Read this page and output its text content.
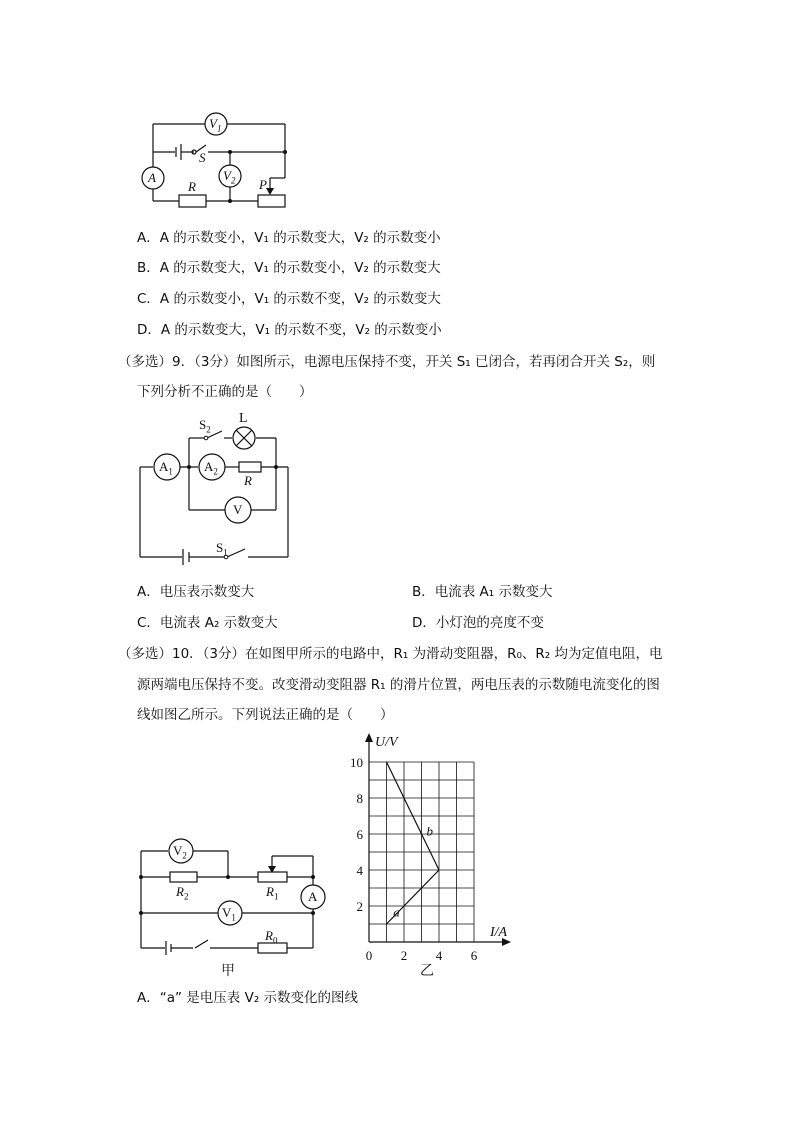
$V_1$
A	$V_2$
S
R	P
A．A 的示数变小，V₁ 的示数变大，V₂ 的示数变小
B．A 的示数变大，V₁ 的示数变小，V₂ 的示数变大
C．A 的示数变小，V₁ 的示数不变，V₂ 的示数变大
D．A 的示数变大，V₁ 的示数不变，V₂ 的示数变小
（多选）9．（3分）如图所示，电源电压保持不变，开关 S₁ 已闭合，若再闭合开关 S₂，则
下列分析不正确的是（　　）
$S_2$
L
$A_1$ $A_2$
R
V
$S_1$
A．电压表示数变大	B．电流表 A₁ 示数变大
C．电流表 A₂ 示数变大	D．小灯泡的亮度不变
（多选）10．（3分）在如图甲所示的电路中，R₁ 为滑动变阻器，R₀、R₂ 均为定值电阻，电
源两端电压保持不变。改变滑动变阻器 R₁ 的滑片位置，两电压表的示数随电流变化的图
线如图乙所示。下列说法正确的是（　　）
$V_2$
$R_2$	$R_1$ A
$V_1$
$R_0$
甲
0 2 4 6
2
4
6
8
10
U/V
I/A
a
b
乙
A．“a” 是电压表 V₂ 示数变化的图线
